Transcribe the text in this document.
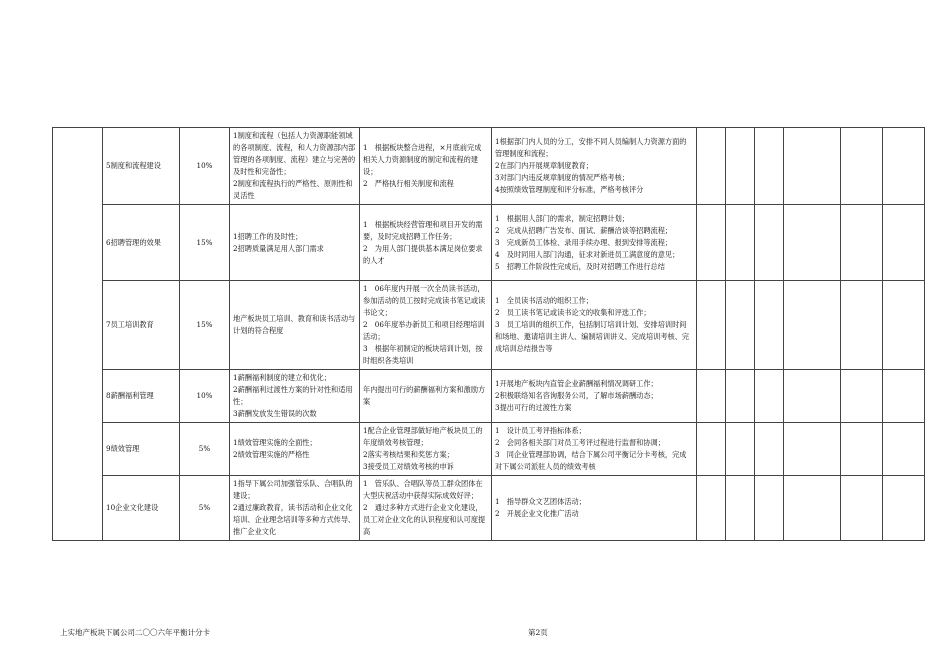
	5制度和流程建设	10%	1制度和流程（包括人力资源职能领域的各项制度、流程，和人力资源部内部管理的各项制度、流程）建立与完善的及时性和完备性；
2制度和流程执行的严格性、原则性和灵活性	1　根据板块整合进程，×月底前完成相关人力资源制度的制定和流程的建设；
2　严格执行相关制度和流程	1根据部门内人员的分工，安排不同人员编制人力资源方面的管理制度和流程；
2在部门内开展规章制度教育；
3对部门内违反规章制度的情况严格考核；
4按照绩效管理制度和评分标准，严格考核评分						

	6招聘管理的效果	15%	1招聘工作的及时性；
2招聘质量满足用人部门需求	1　根据板块经营管理和项目开发的需要，及时完成招聘工作任务；
2　为用人部门提供基本满足岗位要求的人才	1　根据用人部门的需求，制定招聘计划；
2　完成从招聘广告发布、面试、薪酬洽谈等招聘流程；
3　完成新员工体检、录用手续办理、报到安排等流程；
4　及时同用人部门沟通，征求对新进员工满意度的意见；
5　招聘工作阶段性完成后，及时对招聘工作进行总结						

	7员工培训教育	15%	地产板块员工培训、教育和读书活动与计划的符合程度	1　06年度内开展一次全员读书活动，参加活动的员工按时完成读书笔记或读书论文；
2　06年度举办新员工和项目经理培训活动；
3　根据年初制定的板块培训计划，按时组织各类培训	1　全员读书活动的组织工作；
2　员工读书笔记或读书论文的收集和评选工作；
3　员工培训的组织工作，包括制订培训计划、安排培训时间和场地、邀请培训主讲人、编制培训讲义、完成培训考核、完成培训总结报告等						

	8薪酬福利管理	10%	1薪酬福利制度的建立和优化；
2薪酬福利过渡性方案的针对性和适用性；
3薪酬发放发生错误的次数	年内提出可行的薪酬福利方案和激励方案	1开展地产板块内直管企业薪酬福利情况调研工作；
2积极联络知名咨询服务公司，了解市场薪酬动态；
3提出可行的过渡性方案						

	9绩效管理	5%	1绩效管理实施的全面性；
2绩效管理实施的严格性	1配合企业管理部做好地产板块员工的年度绩效考核管理；
2落实考核结果和奖惩方案；
3接受员工对绩效考核的申诉	1　设计员工考评指标体系；
2　会同各相关部门对员工考评过程进行监督和协调；
3　同企业管理部协调，结合下属公司平衡记分卡考核，完成对下属公司派驻人员的绩效考核						

	10企业文化建设	5%	1指导下属公司加强管乐队、合唱队的建设；
2通过廉政教育，读书活动和企业文化培训、企业理念培训等多种方式传导、推广企业文化	1　管乐队、合唱队等员工群众团体在大型庆祝活动中获得实际成效好评；
2　通过多种方式进行企业文化建设，员工对企业文化的认识程度和认可度提高	1　指导群众文艺团体活动；
2　开展企业文化推广活动						

上实地产板块下属公司二〇〇六年平衡计分卡	第2页
